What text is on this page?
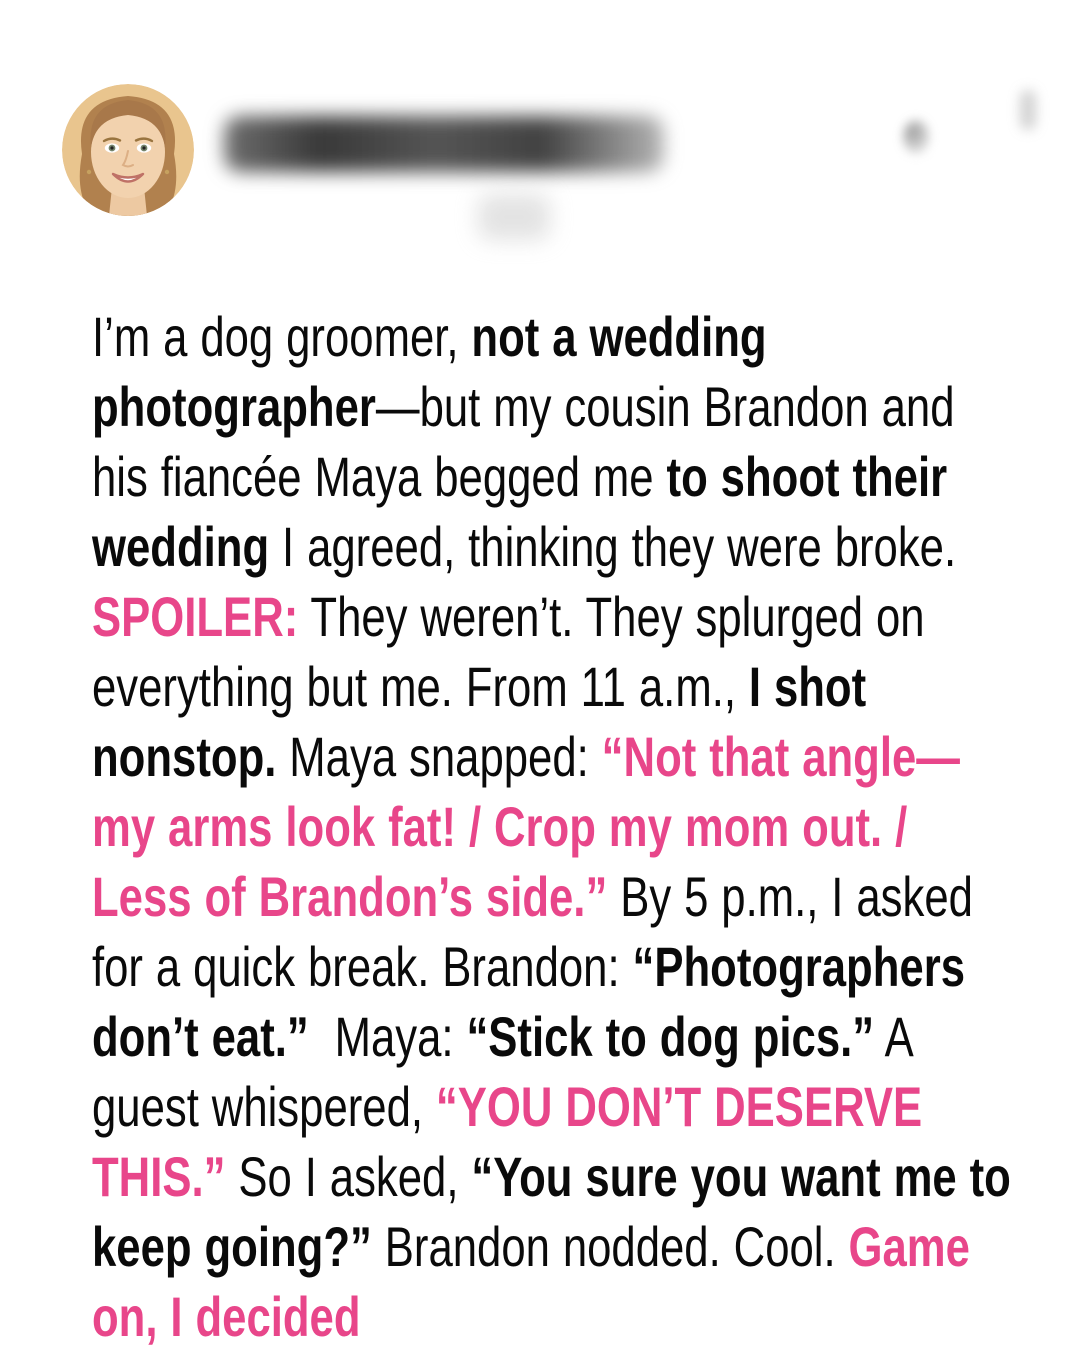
I’m a dog groomer, not a wedding photographer—but my cousin Brandon and his fiancée Maya begged me to shoot their wedding I agreed, thinking they were broke. SPOILER: They weren’t. They splurged on everything but me. From 11 a.m., I shot nonstop. Maya snapped: “Not that angle—my arms look fat! / Crop my mom out. / Less of Brandon’s side.” By 5 p.m., I asked for a quick break. Brandon: “Photographers don’t eat.”  Maya: “Stick to dog pics.” A guest whispered, “YOU DON’T DESERVE THIS.” So I asked, “You sure you want me to keep going?” Brandon nodded. Cool. Game on, I decided
